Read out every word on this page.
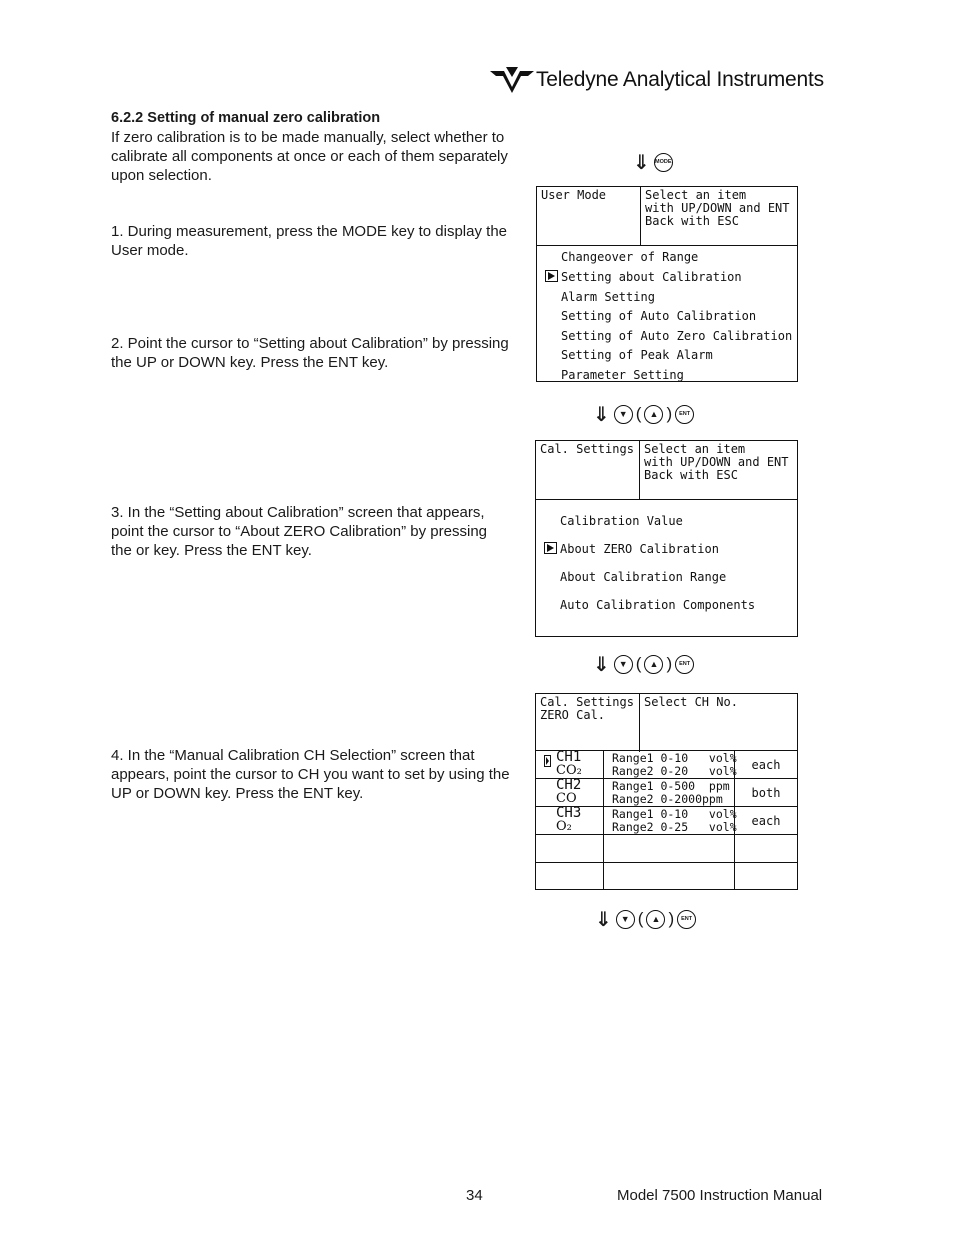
Teledyne Analytical Instruments
6.2.2 Setting of manual zero calibration
If zero calibration is to be made manually, select whether to calibrate all components at once or each of them separately upon selection.
1. During measurement, press the MODE key to display the User mode.
2. Point the cursor to “Setting about Calibration” by pressing the UP or DOWN key. Press the ENT key.
3. In the “Setting about Calibration” screen that appears, point the cursor to “About ZERO Calibration” by pressing the or key. Press the ENT key.
4. In the “Manual Calibration CH Selection” screen that appears, point the cursor to CH you want to set by using the UP or DOWN key. Press the ENT key.
⇓ MODE
User Mode	Select an item
with UP/DOWN and ENT
Back with ESC
Changeover of Range
Setting about Calibration
Alarm Setting
Setting of Auto Calibration
Setting of Auto Zero Calibration
Setting of Peak Alarm
Parameter Setting
⇓	▼ ( ▲ )	ENT
Cal. Settings Select an item
with UP/DOWN and ENT
Back with ESC
Calibration Value
About ZERO Calibration
About Calibration Range
Auto Calibration Components
⇓	▼ ( ▲ )	ENT
Cal. Settings
ZERO Cal.
Select CH No.
CH1
CO₂
Range1 0-10   vol%
Range2 0-20   vol%	each
CH2
CO
Range1 0-500  ppm
Range2 0-2000ppm	both
CH3
O₂
Range1 0-10   vol%
Range2 0-25   vol%	each
⇓	▼ ( ▲ )	ENT
34	Model 7500 Instruction Manual
